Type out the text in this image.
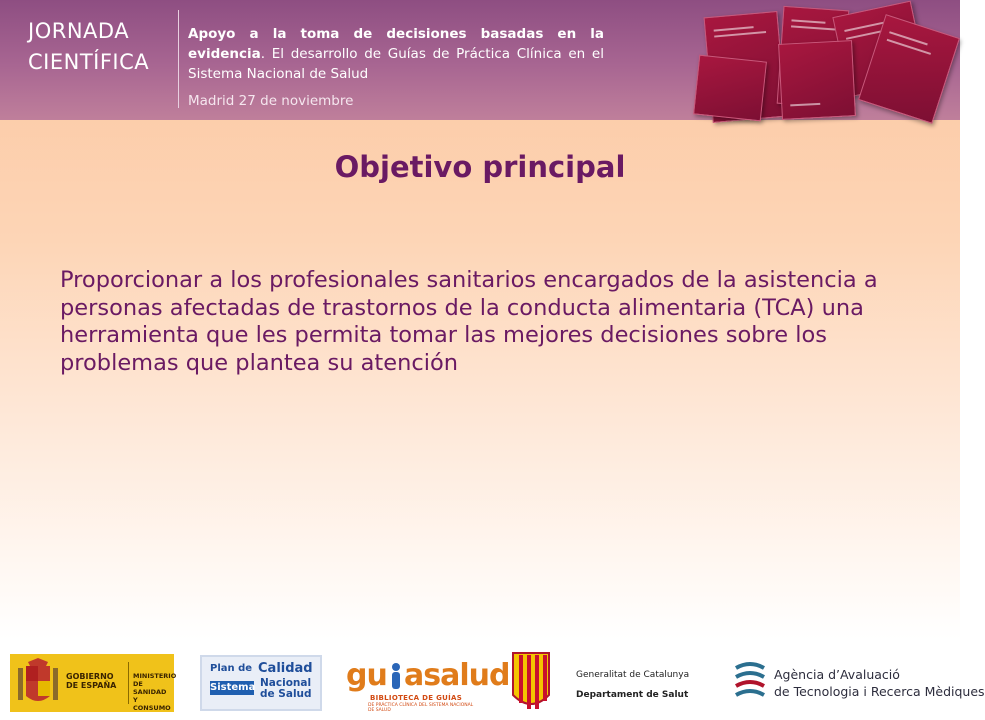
JORNADA
CIENTÍFICA
Apoyo a la toma de decisiones basadas en la evidencia. El desarrollo de Guías de Práctica Clínica en el Sistema Nacional de Salud
Madrid 27 de noviembre
Objetivo principal
Proporcionar a los profesionales sanitarios encargados de la asistencia a personas afectadas de trastornos de la conducta alimentaria (TCA) una herramienta que les permita tomar las mejores decisiones sobre los problemas que plantea su atención
GOBIERNO DE ESPAÑA
MINISTERIO DE SANIDAD Y CONSUMO
Plan de Calidad
Sistema Nacional de Salud
gu asalud
BIBLIOTECA DE GUÍAS
DE PRÁCTICA CLÍNICA DEL SISTEMA NACIONAL DE SALUD
Generalitat de Catalunya
Departament de Salut
Agència d’Avaluació
de Tecnologia i Recerca Mèdiques
